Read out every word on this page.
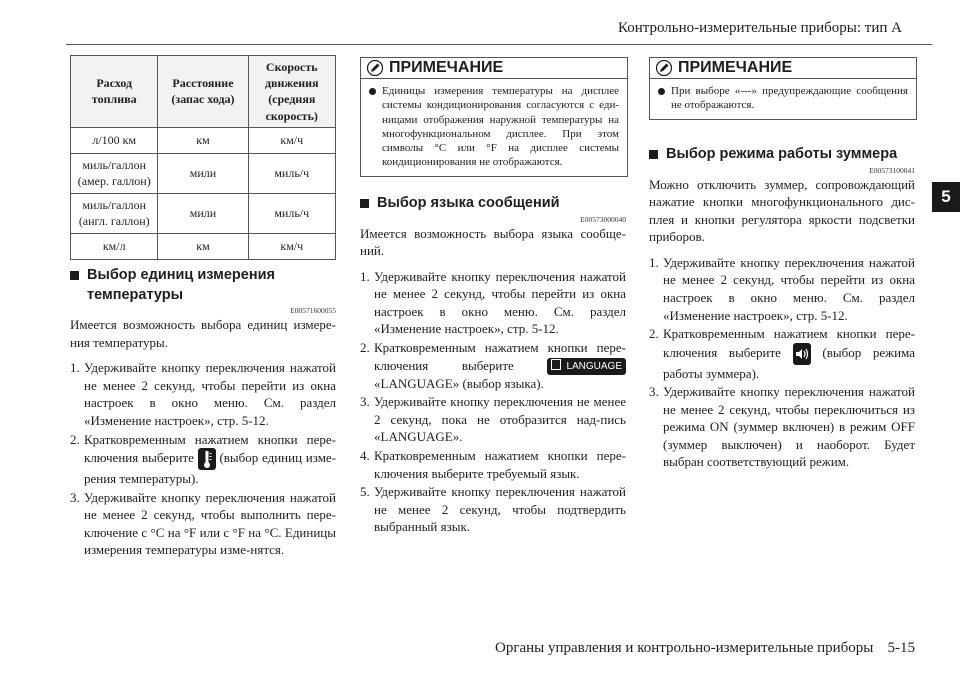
Контрольно-измерительные приборы: тип А
5
Расход топлива	Расстояние (запас хода)	Скорость движения (средняя скорость)
л/100 км	км	км/ч
миль/галлон (амер. галлон)	мили	миль/ч
миль/галлон (англ. галлон)	мили	миль/ч
км/л	км	км/ч
Выбор единиц измерения температуры
E00571600055

Имеется возможность выбора единиц измере-ния температуры.

1. Удерживайте кнопку переключения нажатой не менее 2 секунд, чтобы перейти из окна настроек в окно меню. См. раздел «Изменение настроек», стр. 5-12.
2. Кратковременным нажатием кнопки пере-ключения выберите (выбор единиц изме-рения температуры).
3. Удерживайте кнопку переключения нажатой не менее 2 секунд, чтобы выполнить пере-ключение с °C на °F или с °F на °C. Единицы измерения температуры изме-нятся.
ПРИМЕЧАНИЕ

Единицы измерения температуры на дисплее системы кондиционирования согласуются с еди-ницами отображения наружной температуры на многофункциональном дисплее. При этом символы °C или °F на дисплее системы кондиционирования не отображаются.

Выбор языка сообщений
E00573000040

Имеется возможность выбора языка сообще-ний.

1. Удерживайте кнопку переключения нажатой не менее 2 секунд, чтобы перейти из окна настроек в окно меню. См. раздел «Изменение настроек», стр. 5-12.
2. Кратковременным нажатием кнопки пере-ключения выберите	LANGUAGE «LANGUAGE» (выбор языка).
3. Удерживайте кнопку переключения не менее 2 секунд, пока не отобразится над-пись «LANGUAGE».
4. Кратковременным нажатием кнопки пере-ключения выберите требуемый язык.
5. Удерживайте кнопку переключения нажатой не менее 2 секунд, чтобы подтвердить выбранный язык.
ПРИМЕЧАНИЕ

При выборе «---» предупреждающие сообщения не отображаются.

Выбор режима работы зуммера
E00573100041

Можно отключить зуммер, сопровождающий нажатие кнопки многофункционального дис-плея и кнопки регулятора яркости подсветки приборов.

1. Удерживайте кнопку переключения нажатой не менее 2 секунд, чтобы перейти из окна настроек в окно меню. См. раздел «Изменение настроек», стр. 5-12.
2. Кратковременным нажатием кнопки пере-ключения выберите	(выбор режима работы зуммера).
3. Удерживайте кнопку переключения нажатой не менее 2 секунд, чтобы переключиться из режима ON (зуммер включен) в режим OFF (зуммер выключен) и наоборот. Будет выбран соответствующий режим.
Органы управления и контрольно-измерительные приборы 5-15
